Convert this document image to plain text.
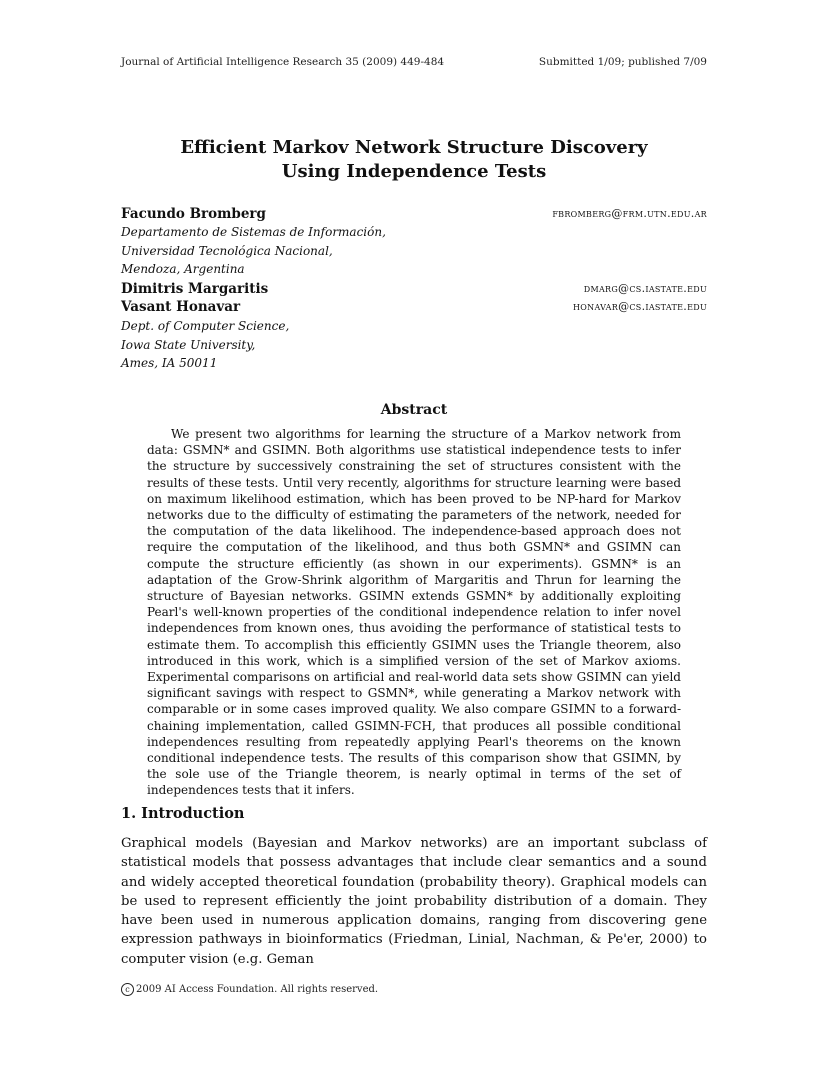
Journal of Artificial Intelligence Research 35 (2009) 449-484	Submitted 1/09; published 7/09
Efficient Markov Network Structure Discovery
Using Independence Tests
Facundo Bromberg	fbromberg@frm.utn.edu.ar
Departamento de Sistemas de Información,
Universidad Tecnológica Nacional,
Mendoza, Argentina
Dimitris Margaritis	dmarg@cs.iastate.edu
Vasant Honavar	honavar@cs.iastate.edu
Dept. of Computer Science,
Iowa State University,
Ames, IA 50011
Abstract

We present two algorithms for learning the structure of a Markov network from data: GSMN* and GSIMN. Both algorithms use statistical independence tests to infer the structure by successively constraining the set of structures consistent with the results of these tests. Until very recently, algorithms for structure learning were based on maximum likelihood estimation, which has been proved to be NP-hard for Markov networks due to the difficulty of estimating the parameters of the network, needed for the computation of the data likelihood. The independence-based approach does not require the computation of the likelihood, and thus both GSMN* and GSIMN can compute the structure efficiently (as shown in our experiments). GSMN* is an adaptation of the Grow-Shrink algorithm of Margaritis and Thrun for learning the structure of Bayesian networks. GSIMN extends GSMN* by additionally exploiting Pearl's well-known properties of the conditional independence relation to infer novel independences from known ones, thus avoiding the performance of statistical tests to estimate them. To accomplish this efficiently GSIMN uses the Triangle theorem, also introduced in this work, which is a simplified version of the set of Markov axioms. Experimental comparisons on artificial and real-world data sets show GSIMN can yield significant savings with respect to GSMN*, while generating a Markov network with comparable or in some cases improved quality. We also compare GSIMN to a forward-chaining implementation, called GSIMN-FCH, that produces all possible conditional independences resulting from repeatedly applying Pearl's theorems on the known conditional independence tests. The results of this comparison show that GSIMN, by the sole use of the Triangle theorem, is nearly optimal in terms of the set of independences tests that it infers.

1. Introduction

Graphical models (Bayesian and Markov networks) are an important subclass of statistical models that possess advantages that include clear semantics and a sound and widely accepted theoretical foundation (probability theory). Graphical models can be used to represent efficiently the joint probability distribution of a domain. They have been used in numerous application domains, ranging from discovering gene expression pathways in bioinformatics (Friedman, Linial, Nachman, & Pe'er, 2000) to computer vision (e.g. Geman

c 2009 AI Access Foundation. All rights reserved.
